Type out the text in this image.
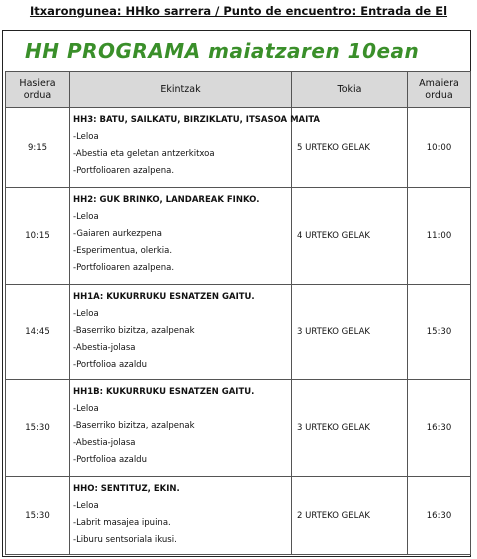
Itxarongunea: HHko sarrera / Punto de encuentro: Entrada de El
HH PROGRAMA maiatzaren 10ean
Hasiera ordua	Ekintzak	Tokia	Amaiera ordua
9:15	HH3: BATU, SAILKATU, BIRZIKLATU, ITSASOA MAITA
-Leloa
-Abestia eta geletan antzerkitxoa
-Portfolioaren azalpena.	5 URTEKO GELAK	10:00
10:15	HH2: GUK BRINKO, LANDAREAK FINKO.
-Leloa
-Gaiaren aurkezpena
-Esperimentua, olerkia.
-Portfolioaren azalpena.	4 URTEKO GELAK	11:00
14:45	HH1A: KUKURRUKU ESNATZEN GAITU.
-Leloa
-Baserriko bizitza, azalpenak
-Abestia-jolasa
-Portfolioa azaldu	3 URTEKO GELAK	15:30
15:30	HH1B: KUKURRUKU ESNATZEN GAITU.
-Leloa
-Baserriko bizitza, azalpenak
-Abestia-jolasa
-Portfolioa azaldu	3 URTEKO GELAK	16:30
15:30	HHO: SENTITUZ, EKIN.
-Leloa
-Labrit masajea ipuina.
-Liburu sentsoriala ikusi.	2 URTEKO GELAK	16:30
